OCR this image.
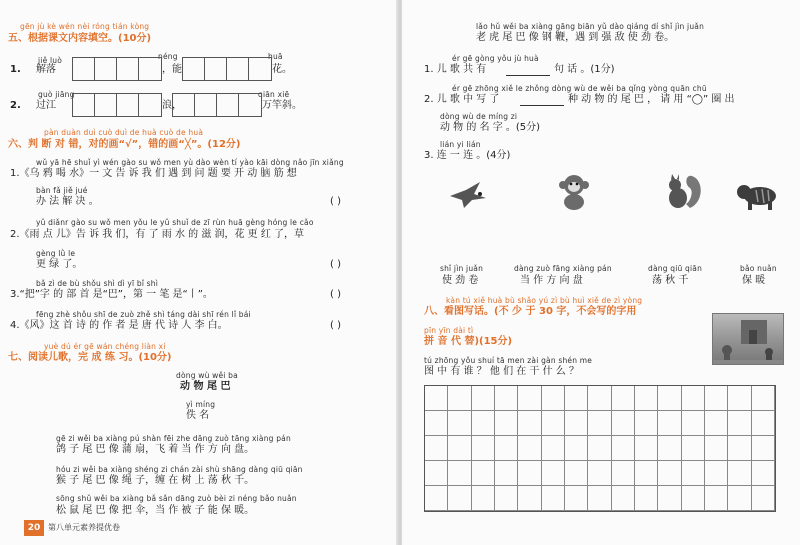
gēn jù kè wén nèi róng tián kòng
五、根据课文内容填空。(10分)
jiě luò	néng	huā
1. 解落	，能	花。
guò jiāng	qiān xiē
2. 过江	浪，	万竿斜。
pàn duàn duì cuò duì de huà cuò de huà
六、判 断 对 错，对的画“√”，错的画“╳”。(12分)
wǔ yā hē shuǐ yì wén gào su wǒ men yù dào wèn tí yào kāi dòng nǎo jīn xiǎng
1.《乌 鸦 喝 水》一 文 告 诉 我 们 遇 到 问 题 要 开 动 脑 筋 想
bàn fǎ jiě jué
办 法 解 决 。	( )
yǔ diǎnr gào su wǒ men yǒu le yǔ shuǐ de zī rùn huā gèng hóng le cǎo
2.《雨 点 儿》告 诉 我 们，有 了 雨 水 的 滋 润，花 更 红 了，草
gèng lǜ le
更 绿 了。	( )
bǎ zì de bù shǒu shì dì yī bǐ shì
3.“把”字 的 部 首 是“巴”，第 一 笔 是“丨”。	( )
fēng zhè shǒu shī de zuò zhě shì táng dài shī rén lǐ bái
4.《风》这 首 诗 的 作 者 是 唐 代 诗 人 李 白。	( )
yuè dú ér gē wán chéng liàn xí
七、阅读儿歌，完 成 练 习。(10分)
dòng wù wěi ba
动 物 尾 巴
yì míng
佚 名
gē zi wěi ba xiàng pú shàn fēi zhe dāng zuò tāng xiàng pán
鸽 子 尾 巴 像 蒲 扇，飞 着 当 作 方 向 盘。
hóu zi wěi ba xiàng shéng zi chán zài shù shāng dàng qiū qiān
猴 子 尾 巴 像 绳 子，缠 在 树 上 荡 秋 千。
sōng shǔ wěi ba xiàng bǎ sǎn dāng zuò bèi zi néng bǎo nuǎn
松 鼠 尾 巴 像 把 伞，当 作 被 子 能 保 暖。
20 第八单元素养提优卷
lǎo hǔ wěi ba xiàng gāng biān yǔ dào qiáng dí shǐ jìn juǎn
老 虎 尾 巴 像 钢 鞭，遇 到 强 敌 使 劲 卷。
ér gē gòng yǒu jù huà
1. 儿 歌 共 有	句 话 。(1分)
ér gē zhōng xiě le zhǒng dòng wù de wěi ba qǐng yòng quān chū
2. 儿 歌 中 写 了	种 动 物 的 尾 巴 ， 请 用 “◯” 圈 出
dòng wù de míng zi
动 物 的 名 字 。(5分)
lián yi lián
3. 连 一 连 。(4分)
shǐ jìn juǎn
使 劲 卷
dàng zuò fāng xiàng pán
当 作 方 向 盘
dàng qiū qiān
荡 秋 千
bǎo nuǎn
保 暖
kàn tú xiě huà bù shǎo yú zì bù huì xiě de zì yòng
八、看图写话。(不 少 于 30 字，不会写的字用
pīn yīn dài tì
拼 音 代 替)(15分)
tú zhōng yǒu shuí tā men zài gàn shén me
图 中 有 谁 ？ 他 们 在 干 什 么 ？
